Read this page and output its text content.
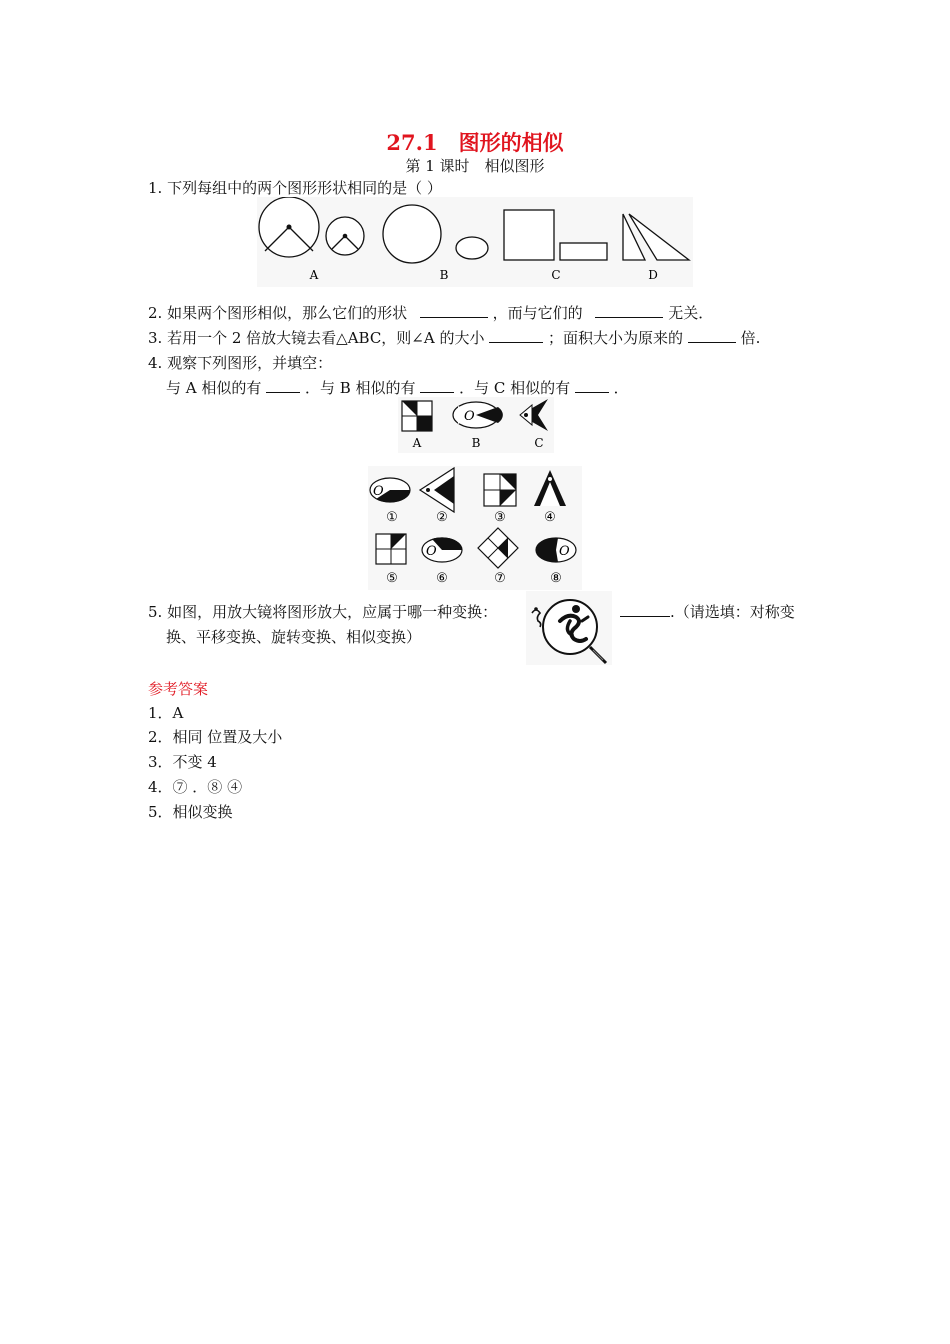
27.1　图形的相似
第 1 课时　相似图形
1. 下列每组中的两个图形形状相同的是（ ）
A	B	C	D
2. 如果两个图形相似，那么它们的形状	，而与它们的	无关．
3. 若用一个 2 倍放大镜去看△ABC，则∠A 的大小	；面积大小为原来的	倍.
4. 观察下列图形，并填空：
与 A 相似的有	．与 B 相似的有	．与 C 相似的有	．
O
A	B	C
O
O	O
①	②	③	④
⑤	⑥	⑦	⑧
5. 如图，用放大镜将图形放大，应属于哪一种变换：	.（请选填：对称变
换、平移变换、旋转变换、相似变换）
参考答案
1．A
2．相同 位置及大小
3．不变 4
4．⑦ ．⑧ ④
5．相似变换
